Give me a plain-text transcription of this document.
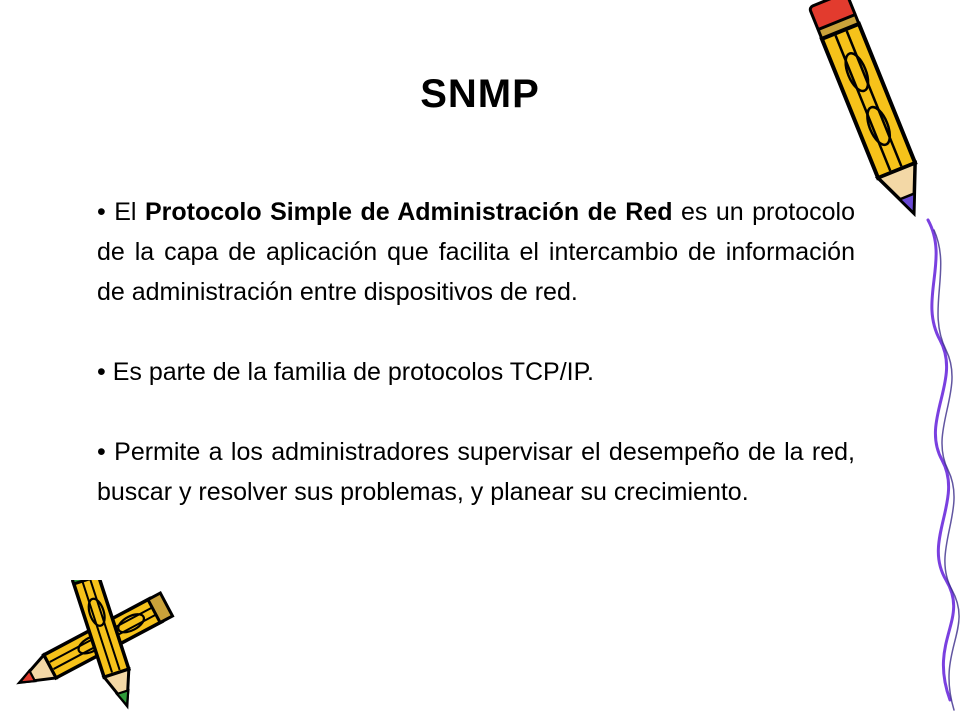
SNMP

• El Protocolo Simple de Administración de Red es un protocolo de la capa de aplicación que facilita el intercambio de información de administración entre dispositivos de red.

• Es parte de la familia de protocolos TCP/IP.

• Permite a los administradores supervisar el desempeño de la red, buscar y resolver sus problemas, y planear su crecimiento.
